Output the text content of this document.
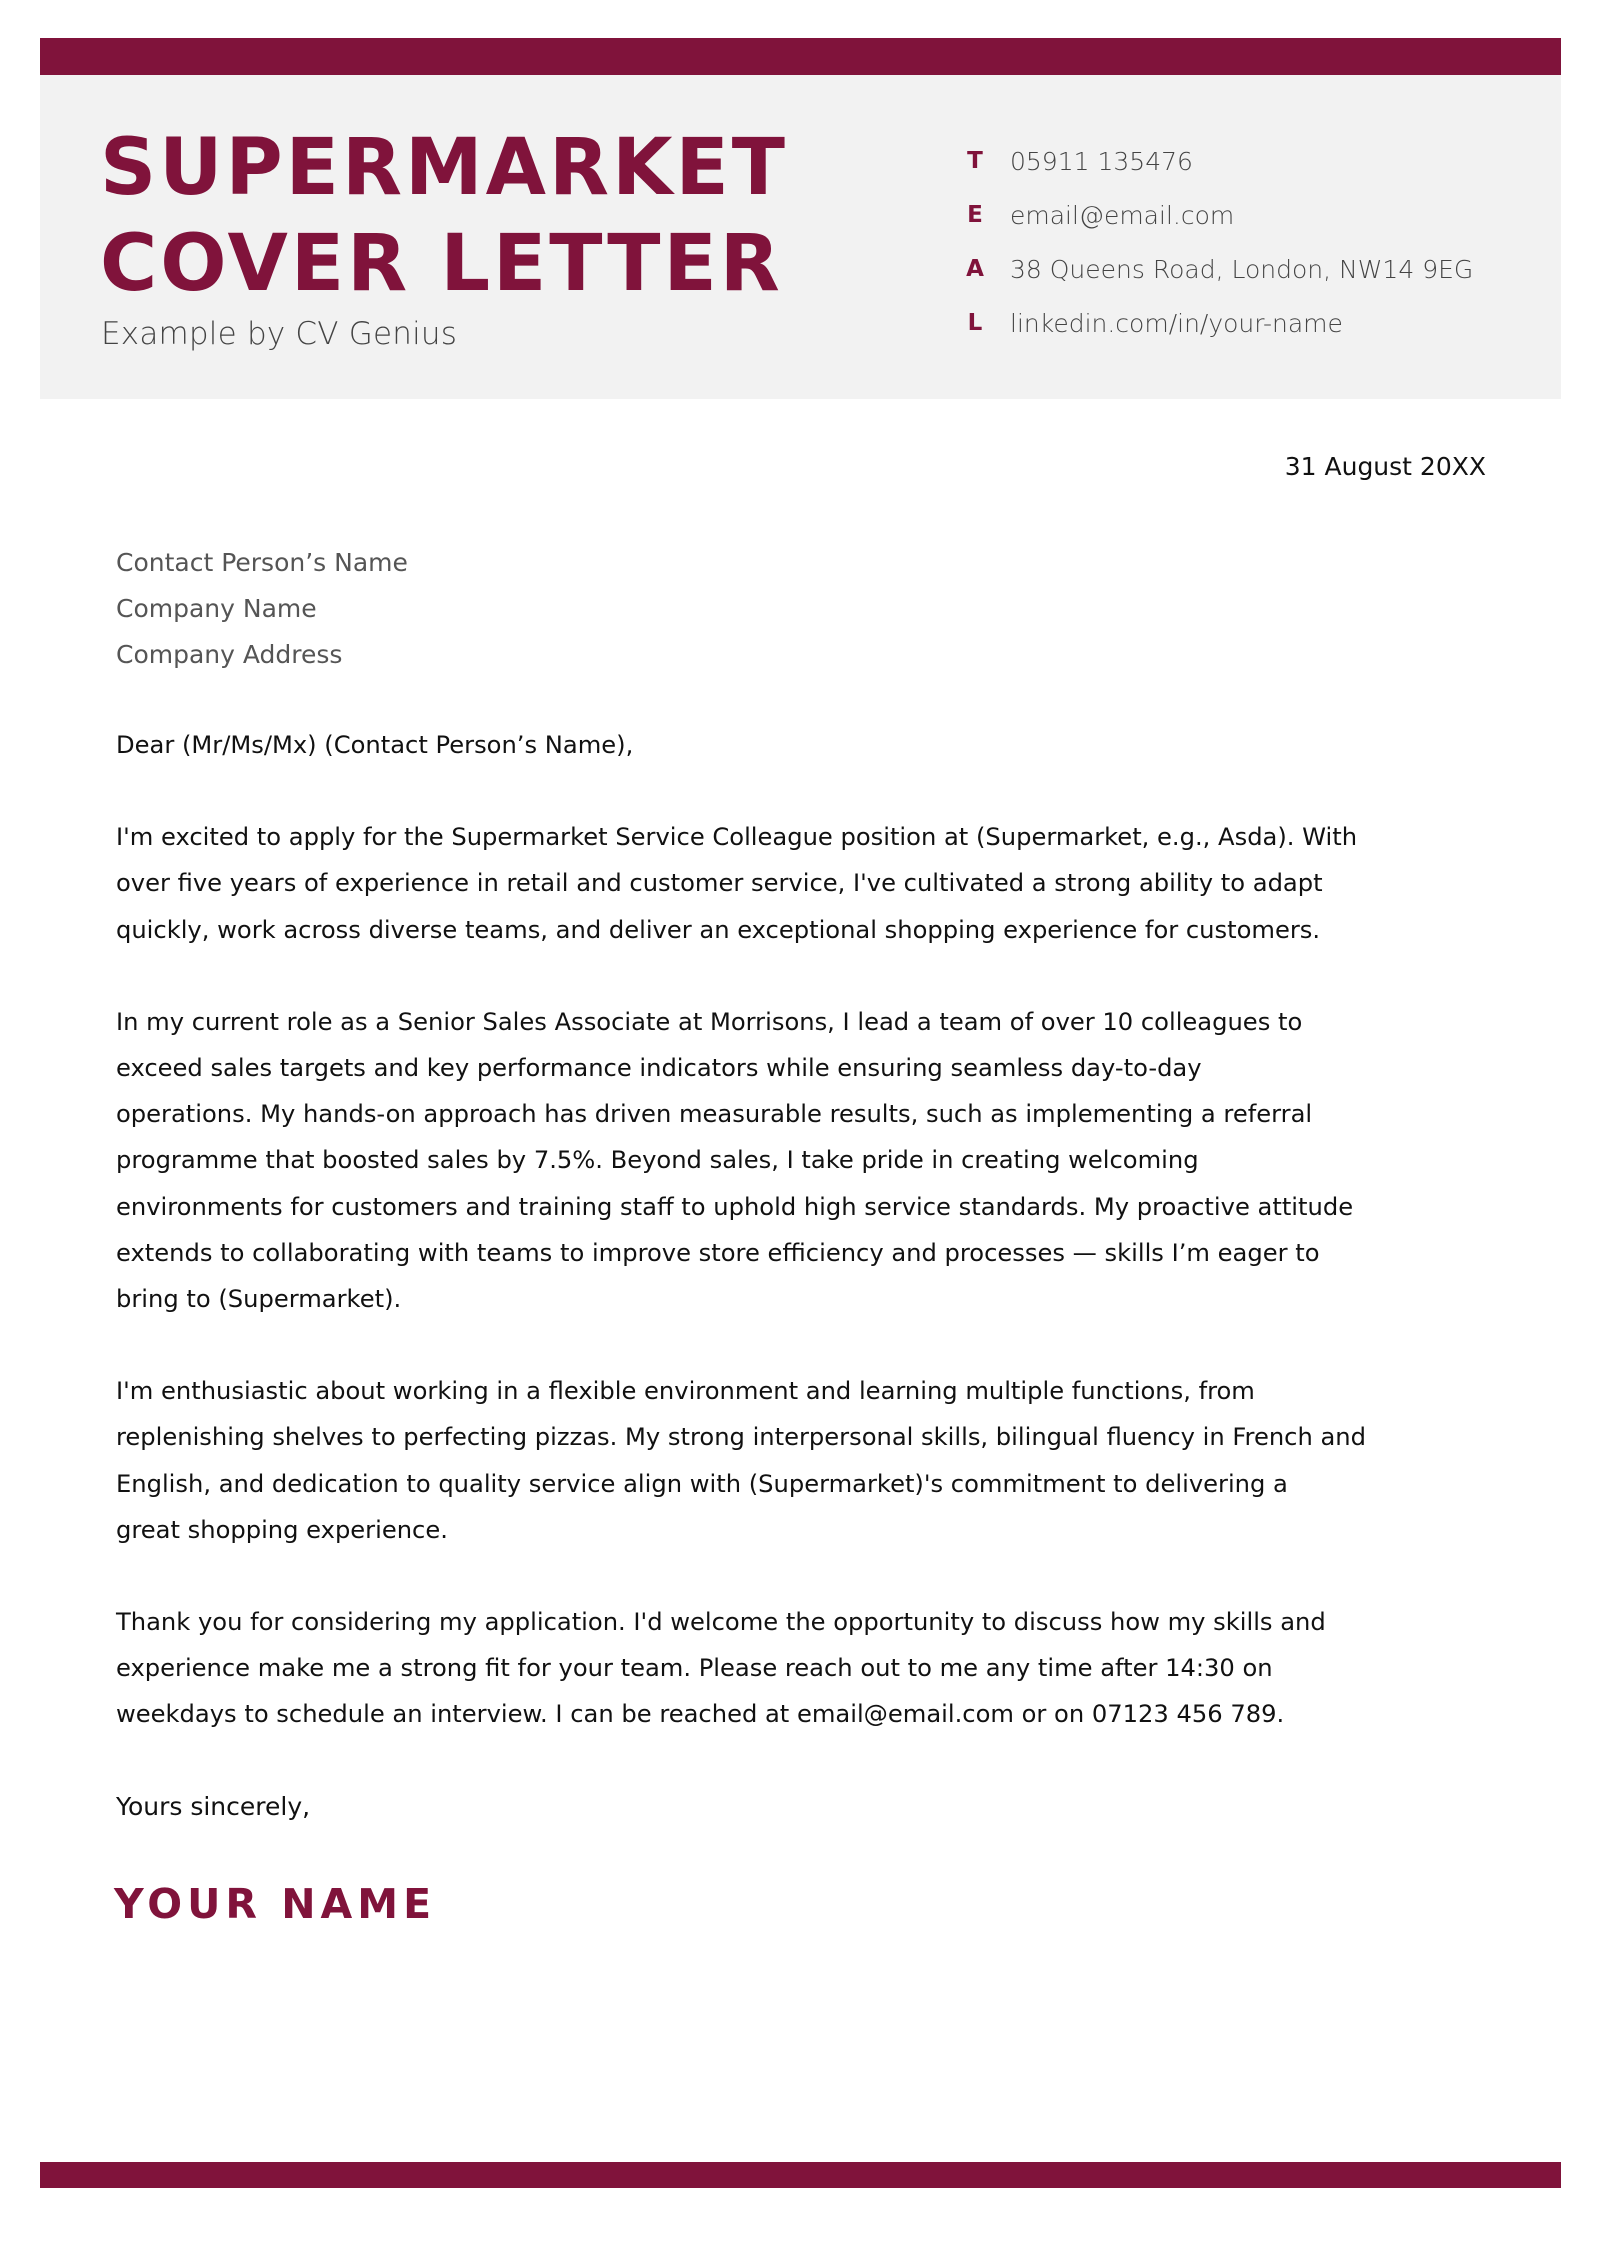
SUPERMARKET
COVER LETTER
Example by CV Genius
T	05911 135476
E	email@email.com
A	38 Queens Road, London, NW14 9EG
L	linkedin.com/in/your-name
31 August 20XX
Contact Person’s Name
Company Name
Company Address

Dear (Mr/Ms/Mx) (Contact Person’s Name),

I'm excited to apply for the Supermarket Service Colleague position at (Supermarket, e.g., Asda). With
over five years of experience in retail and customer service, I've cultivated a strong ability to adapt
quickly, work across diverse teams, and deliver an exceptional shopping experience for customers.

In my current role as a Senior Sales Associate at Morrisons, I lead a team of over 10 colleagues to
exceed sales targets and key performance indicators while ensuring seamless day-to-day
operations. My hands-on approach has driven measurable results, such as implementing a referral
programme that boosted sales by 7.5%. Beyond sales, I take pride in creating welcoming
environments for customers and training staff to uphold high service standards. My proactive attitude
extends to collaborating with teams to improve store efficiency and processes — skills I’m eager to
bring to (Supermarket).

I'm enthusiastic about working in a flexible environment and learning multiple functions, from
replenishing shelves to perfecting pizzas. My strong interpersonal skills, bilingual fluency in French and
English, and dedication to quality service align with (Supermarket)'s commitment to delivering a
great shopping experience.

Thank you for considering my application. I'd welcome the opportunity to discuss how my skills and
experience make me a strong fit for your team. Please reach out to me any time after 14:30 on
weekdays to schedule an interview. I can be reached at email@email.com or on 07123 456 789.

Yours sincerely,
YOUR NAME
